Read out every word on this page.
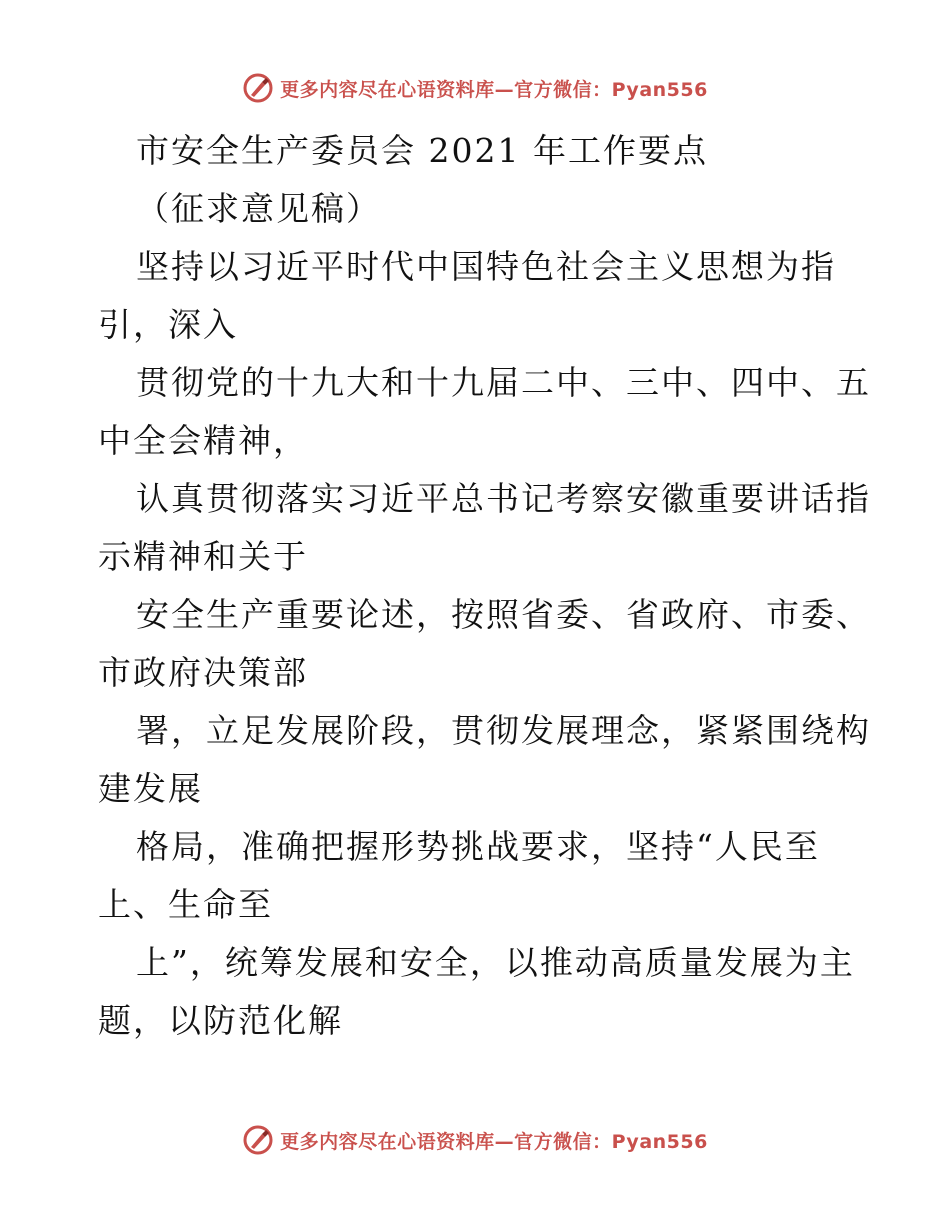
更多内容尽在心语资料库—官方微信：Pyan556
市安全生产委员会 2021 年工作要点
（征求意见稿）
坚持以习近平时代中国特色社会主义思想为指
引，深入
贯彻党的十九大和十九届二中、三中、四中、五
中全会精神，
认真贯彻落实习近平总书记考察安徽重要讲话指
示精神和关于
安全生产重要论述，按照省委、省政府、市委、
市政府决策部
署，立足发展阶段，贯彻发展理念，紧紧围绕构
建发展
格局，准确把握形势挑战要求，坚持“人民至
上、生命至
上”，统筹发展和安全，以推动高质量发展为主
题，以防范化解
更多内容尽在心语资料库—官方微信：Pyan556
